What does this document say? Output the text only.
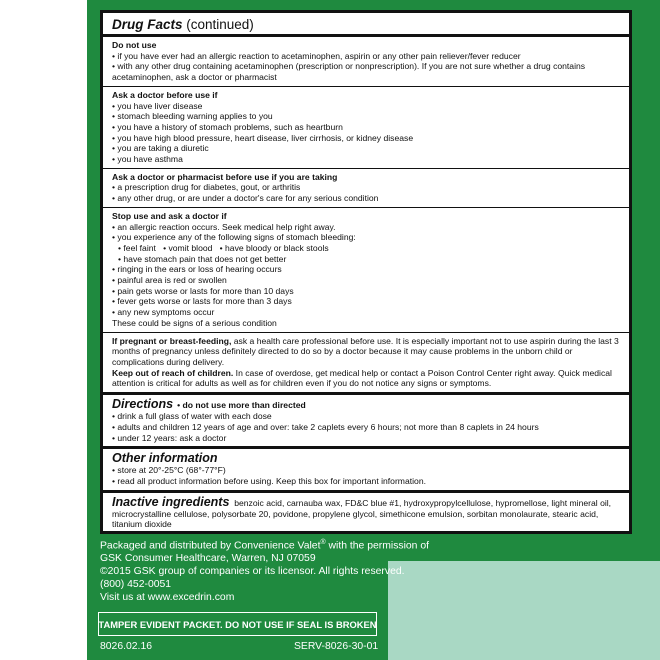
Drug Facts (continued)
Do not use
• if you have ever had an allergic reaction to acetaminophen, aspirin or any other pain reliever/fever reducer
• with any other drug containing acetaminophen (prescription or nonprescription). If you are not sure whether a drug contains acetaminophen, ask a doctor or pharmacist
Ask a doctor before use if
• you have liver disease
• stomach bleeding warning applies to you
• you have a history of stomach problems, such as heartburn
• you have high blood pressure, heart disease, liver cirrhosis, or kidney disease
• you are taking a diuretic
• you have asthma
Ask a doctor or pharmacist before use if you are taking
• a prescription drug for diabetes, gout, or arthritis
• any other drug, or are under a doctor's care for any serious condition
Stop use and ask a doctor if
• an allergic reaction occurs. Seek medical help right away.
• you experience any of the following signs of stomach bleeding:
• feel faint • vomit blood • have bloody or black stools
• have stomach pain that does not get better
• ringing in the ears or loss of hearing occurs
• painful area is red or swollen
• pain gets worse or lasts for more than 10 days
• fever gets worse or lasts for more than 3 days
• any new symptoms occur
These could be signs of a serious condition

If pregnant or breast-feeding, ask a health care professional before use. It is especially important not to use aspirin during the last 3 months of pregnancy unless definitely directed to do so by a doctor because it may cause problems in the unborn child or complications during delivery.

Keep out of reach of children. In case of overdose, get medical help or contact a Poison Control Center right away. Quick medical attention is critical for adults as well as for children even if you do not notice any signs or symptoms.

Directions • do not use more than directed
• drink a full glass of water with each dose
• adults and children 12 years of age and over: take 2 caplets every 6 hours; not more than 8 caplets in 24 hours
• under 12 years: ask a doctor
Other information
• store at 20°-25°C (68°-77°F)
• read all product information before using. Keep this box for important information.

Inactive ingredients benzoic acid, carnauba wax, FD&C blue #1, hydroxypropylcellulose, hypromellose, light mineral oil, microcrystalline cellulose, polysorbate 20, povidone, propylene glycol, simethicone emulsion, sorbitan monolaurate, stearic acid, titanium dioxide

Packaged and distributed by Convenience Valet® with the permission of
GSK Consumer Healthcare, Warren, NJ 07059
©2015 GSK group of companies or its licensor. All rights reserved.
(800) 452-0051
Visit us at www.excedrin.com
TAMPER EVIDENT PACKET. DO NOT USE IF SEAL IS BROKEN
8026.02.16	SERV-8026-30-01
